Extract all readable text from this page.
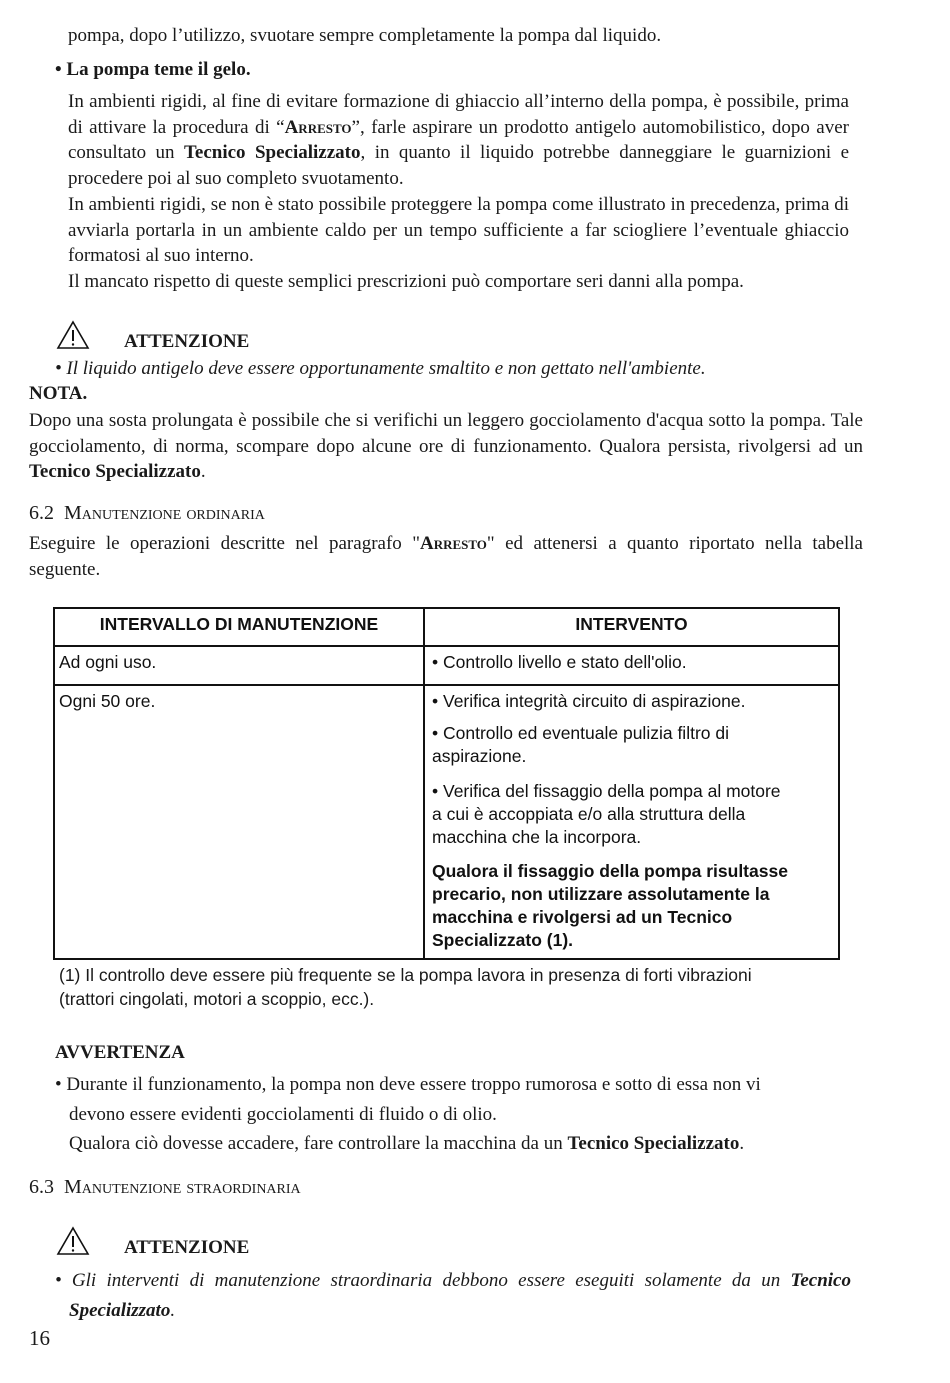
pompa, dopo l’utilizzo, svuotare sempre completamente la pompa dal liquido.
• La pompa teme il gelo.
In ambienti rigidi, al fine di evitare formazione di ghiaccio all’interno della pompa, è possibile, prima di attivare la procedura di “Arresto”, farle aspirare un prodotto antigelo automobilistico, dopo aver consultato un Tecnico Specializzato, in quanto il liquido potrebbe danneggiare le guarnizioni e procedere poi al suo completo svuotamento.
In ambienti rigidi, se non è stato possibile proteggere la pompa come illustrato in precedenza, prima di avviarla portarla in un ambiente caldo per un tempo sufficiente a far sciogliere l’eventuale ghiaccio formatosi al suo interno.
Il mancato rispetto di queste semplici prescrizioni può comportare seri danni alla pompa.
ATTENZIONE
• Il liquido antigelo deve essere opportunamente smaltito e non gettato nell'ambiente.
NOTA.
Dopo una sosta prolungata è possibile che si verifichi un leggero gocciolamento d'acqua sotto la pompa. Tale gocciolamento, di norma, scompare dopo alcune ore di funzionamento. Qualora persista, rivolgersi ad un Tecnico Specializzato.
6.2 Manutenzione ordinaria
Eseguire le operazioni descritte nel paragrafo "Arresto" ed attenersi a quanto riportato nella tabella seguente.
INTERVALLO DI MANUTENZIONE	INTERVENTO
Ad ogni uso.	• Controllo livello e stato dell'olio.
Ogni 50 ore.	• Verifica integrità circuito di aspirazione.
• Controllo ed eventuale pulizia filtro di
aspirazione.
• Verifica del fissaggio della pompa al motore
a cui è accoppiata e/o alla struttura della
macchina che la incorpora.
Qualora il fissaggio della pompa risultasse
precario, non utilizzare assolutamente la
macchina e rivolgersi ad un Tecnico
Specializzato (1).
(1) Il controllo deve essere più frequente se la pompa lavora in presenza di forti vibrazioni
(trattori cingolati, motori a scoppio, ecc.).
AVVERTENZA
• Durante il funzionamento, la pompa non deve essere troppo rumorosa e sotto di essa non vi
devono essere evidenti gocciolamenti di fluido o di olio.
Qualora ciò dovesse accadere, fare controllare la macchina da un Tecnico Specializzato.
6.3 Manutenzione straordinaria
ATTENZIONE
• Gli interventi di manutenzione straordinaria debbono essere eseguiti solamente da un Tecnico
Specializzato.
16
